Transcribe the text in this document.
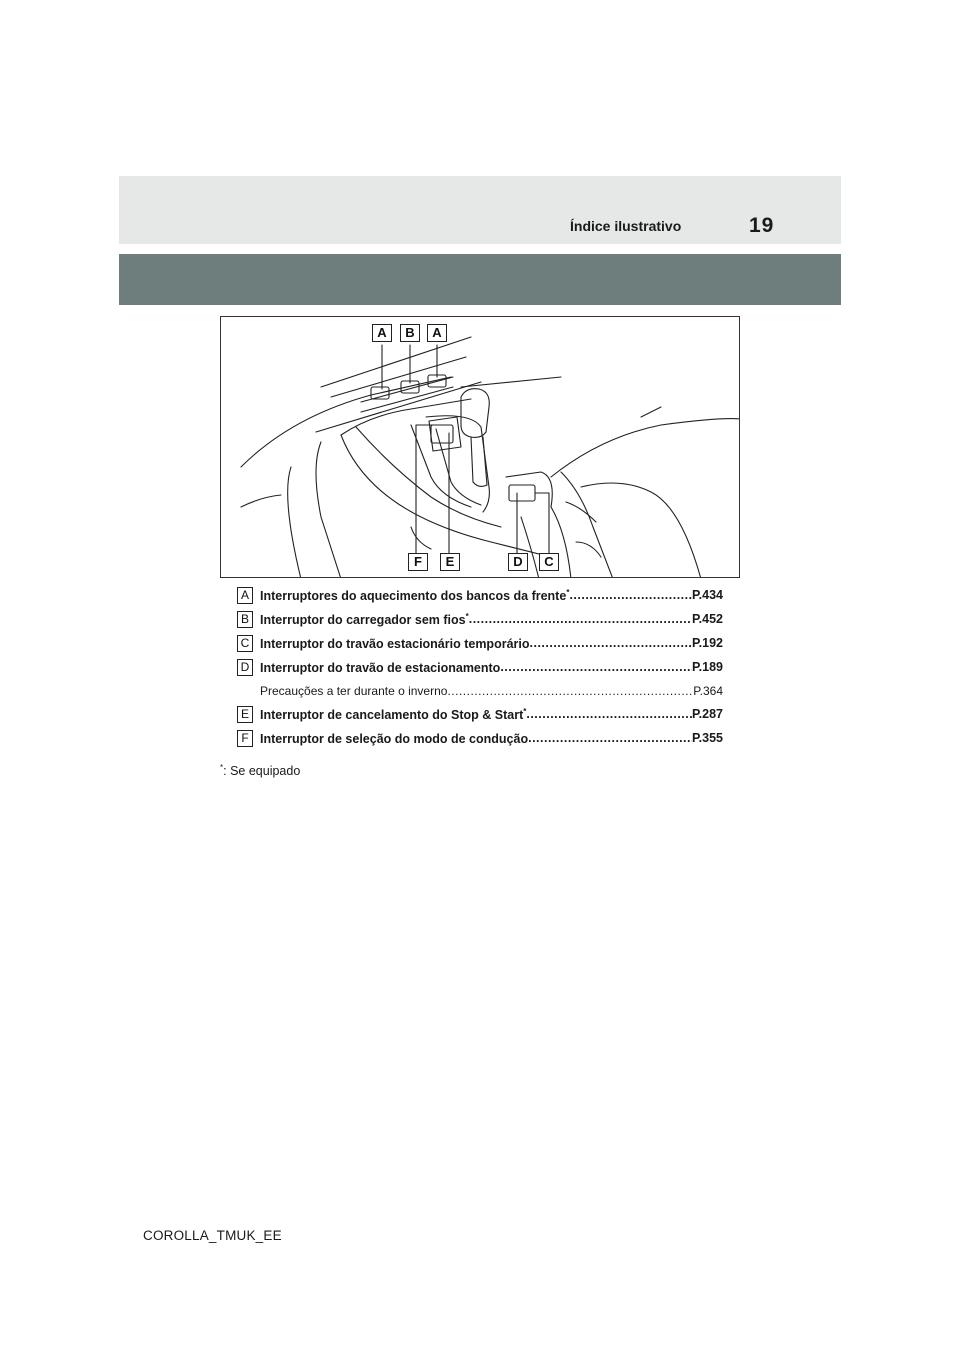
Índice ilustrativo	19
A	B	A
F	E	D	C
A Interruptores do aquecimento dos bancos da frente* .....	P.434
B Interruptor do carregador sem fios* .....	P.452
C Interruptor do travão estacionário temporário .....	P.192
D Interruptor do travão de estacionamento .....	P.189
Precauções a ter durante o inverno .....	P.364
E Interruptor de cancelamento do Stop & Start* .....	P.287
F Interruptor de seleção do modo de condução .....	P.355
*: Se equipado
COROLLA_TMUK_EE
